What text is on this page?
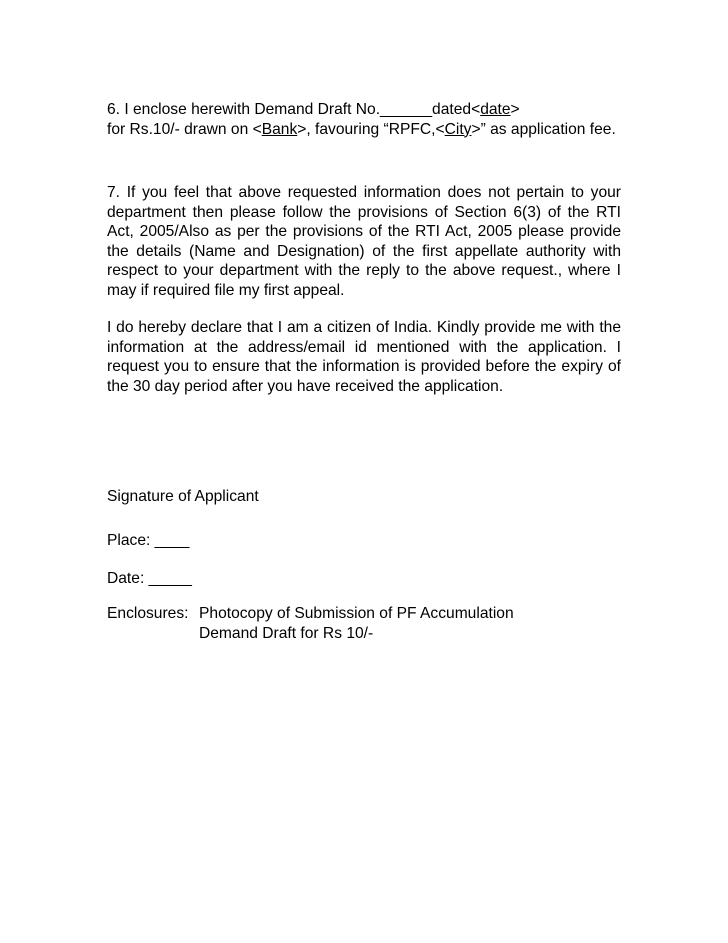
6. I enclose herewith Demand Draft No.______dated<date>
for Rs.10/- drawn on <Bank>, favouring “RPFC,<City>” as application fee.
7. If you feel that above requested information does not pertain to your department then please follow the provisions of Section 6(3) of the RTI Act, 2005/Also as per the provisions of the RTI Act, 2005 please provide the details (Name and Designation) of the first appellate authority with respect to your department with the reply to the above request., where I may if required file my first appeal.
I do hereby declare that I am a citizen of India. Kindly provide me with the information at the address/email id mentioned with the application. I request you to ensure that the information is provided before the expiry of the 30 day period after you have received the application.
Signature of Applicant
Place: ____
Date: _____
Enclosures: Photocopy of Submission of PF Accumulation
Demand Draft for Rs 10/-
